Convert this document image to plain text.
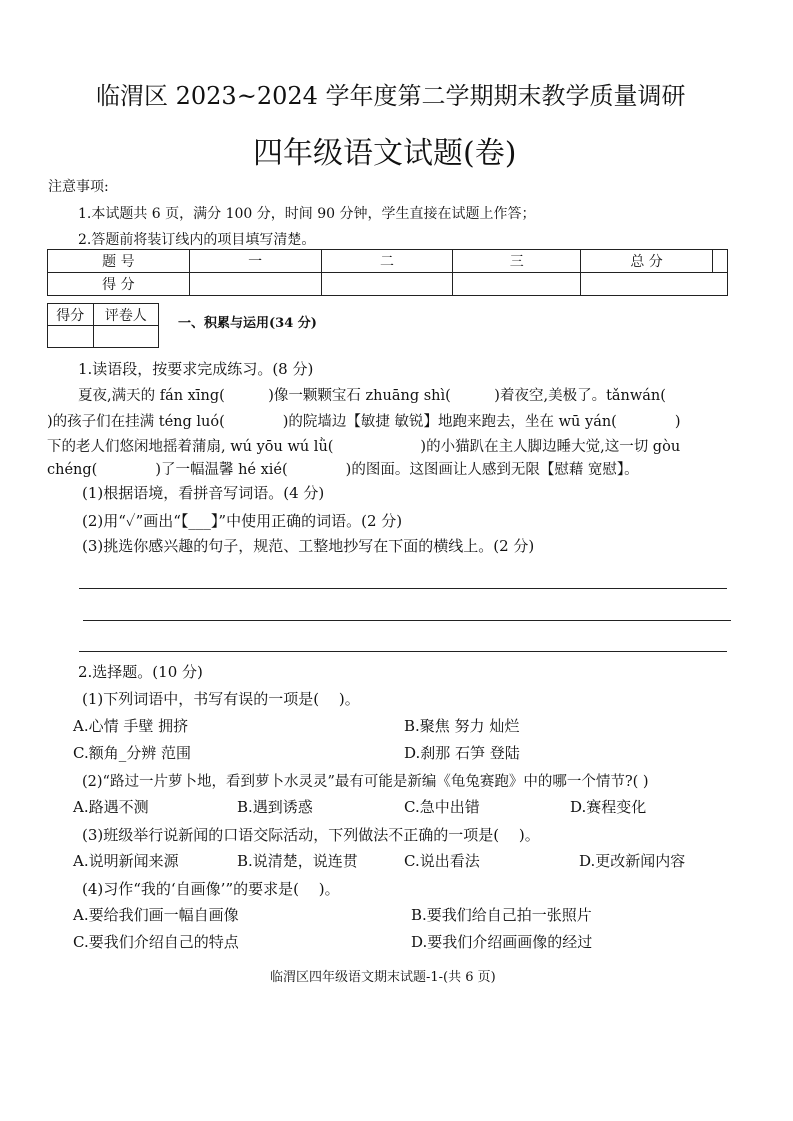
临渭区 2023~2024 学年度第二学期期末教学质量调研
四年级语文试题(卷)
注意事项:
1.本试题共 6 页，满分 100 分，时间 90 分钟，学生直接在试题上作答；
2.答题前将装订线内的项目填写清楚。
题 号	一	二	三	总 分	
得 分					
得分	评卷人
	一、积累与运用(34 分)
1.读语段，按要求完成练习。(8 分)
夏夜,满天的 fán xīng(　　　)像一颗颗宝石 zhuāng shì(　　　)着夜空,美极了。tǎnwán(
)的孩子们在挂满 téng luó(　　　　)的院墙边【敏捷 敏锐】地跑来跑去，坐在 wū yán(　　　　)
下的老人们悠闲地摇着蒲扇, wú yōu wú lǜ(　　　　　　)的小猫趴在主人脚边睡大觉,这一切 gòu
chéng(　　　　)了一幅温馨 hé xié(　　　　)的图面。这图画让人感到无限【慰藉 宽慰】。
(1)根据语境，看拼音写词语。(4 分)
(2)用“✓”画出“【___】”中使用正确的词语。(2 分)
(3)挑选你感兴趣的句子，规范、工整地抄写在下面的横线上。(2 分)
2.选择题。(10 分)
(1)下列词语中，书写有误的一项是(　 )。
A.心情 手壁 拥挤	B.聚焦 努力 灿烂
C.额角_分辨 范围	D.刹那 石笋 登陆
(2)“路过一片萝卜地，看到萝卜水灵灵”最有可能是新编《龟兔赛跑》中的哪一个情节?( )
A.路遇不测	B.遇到诱惑	C.急中出错	D.赛程变化
(3)班级举行说新闻的口语交际活动，下列做法不正确的一项是(　 )。
A.说明新闻来源	B.说清楚，说连贯	C.说出看法	D.更改新闻内容
(4)习作“我的‘自画像’”的要求是(　 )。
A.要给我们画一幅自画像	B.要我们给自己拍一张照片
C.要我们介绍自己的特点	D.要我们介绍画画像的经过
临渭区四年级语文期末试题-1-(共 6 页)
